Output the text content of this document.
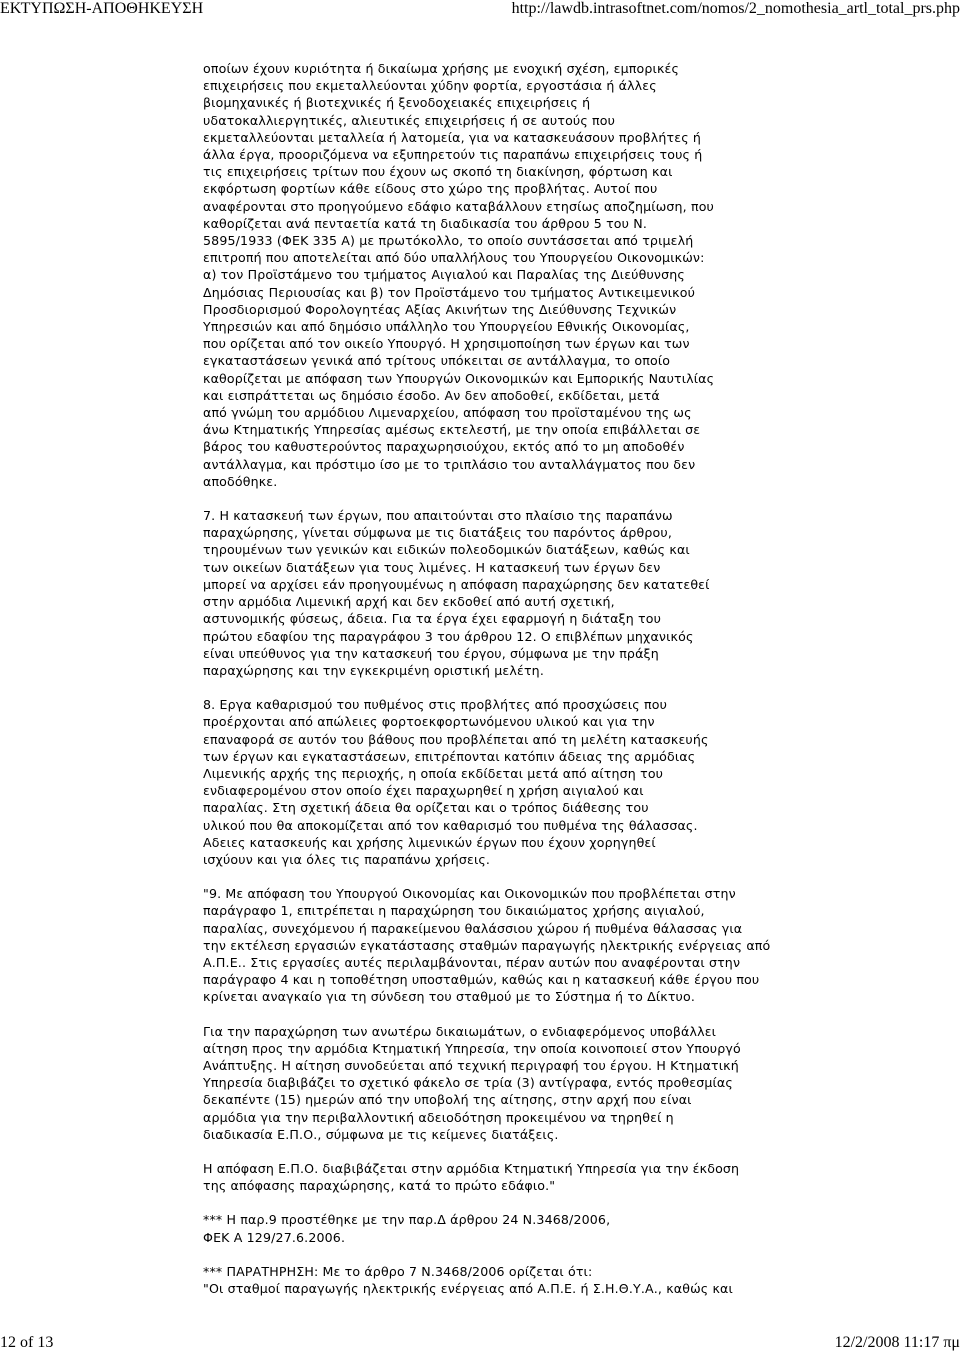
ΕΚΤΥΠΩΣΗ-ΑΠΟΘΗΚΕΥΣΗ	http://lawdb.intrasoftnet.com/nomos/2_nomothesia_artl_total_prs.php

οποίων έχουν κυριότητα ή δικαίωμα χρήσης με ενοχική σχέση, εμπορικές

επιχειρήσεις που εκμεταλλεύονται χύδην φορτία, εργοστάσια ή άλλες

βιομηχανικές ή βιοτεχνικές ή ξενοδοχειακές επιχειρήσεις ή

υδατοκαλλιεργητικές, αλιευτικές επιχειρήσεις ή σε αυτούς που

εκμεταλλεύονται μεταλλεία ή λατομεία, για να κατασκευάσουν προβλήτες ή

άλλα έργα, προοριζόμενα να εξυπηρετούν τις παραπάνω επιχειρήσεις τους ή

τις επιχειρήσεις τρίτων που έχουν ως σκοπό τη διακίνηση, φόρτωση και

εκφόρτωση φορτίων κάθε είδους στο χώρο της προβλήτας. Αυτοί που

αναφέρονται στο προηγούμενο εδάφιο καταβάλλουν ετησίως αποζημίωση, που

καθορίζεται ανά πενταετία κατά τη διαδικασία του άρθρου 5 του Ν.

5895/1933 (ΦΕΚ 335 Α) με πρωτόκολλο, το οποίο συντάσσεται από τριμελή

επιτροπή που αποτελείται από δύο υπαλλήλους του Υπουργείου Οικονομικών:

α) τον Προϊστάμενο του τμήματος Αιγιαλού και Παραλίας της Διεύθυνσης

Δημόσιας Περιουσίας και β) τον Προϊστάμενο του τμήματος Αντικειμενικού

Προσδιορισμού Φορολογητέας Αξίας Ακινήτων της Διεύθυνσης Τεχνικών

Υπηρεσιών και από δημόσιο υπάλληλο του Υπουργείου Εθνικής Οικονομίας,

που ορίζεται από τον οικείο Υπουργό. Η χρησιμοποίηση των έργων και των

εγκαταστάσεων γενικά από τρίτους υπόκειται σε αντάλλαγμα, το οποίο

καθορίζεται με απόφαση των Υπουργών Οικονομικών και Εμπορικής Ναυτιλίας

και εισπράττεται ως δημόσιο έσοδο. Αν δεν αποδοθεί, εκδίδεται, μετά

από γνώμη του αρμόδιου Λιμεναρχείου, απόφαση του προϊσταμένου της ως

άνω Κτηματικής Υπηρεσίας αμέσως εκτελεστή, με την οποία επιβάλλεται σε

βάρος του καθυστερούντος παραχωρησιούχου, εκτός από το μη αποδοθέν

αντάλλαγμα, και πρόστιμο ίσο με το τριπλάσιο του ανταλλάγματος που δεν

αποδόθηκε.

7. Η κατασκευή των έργων, που απαιτούνται στο πλαίσιο της παραπάνω

παραχώρησης, γίνεται σύμφωνα με τις διατάξεις του παρόντος άρθρου,

τηρουμένων των γενικών και ειδικών πολεοδομικών διατάξεων, καθώς και

των οικείων διατάξεων για τους λιμένες. Η κατασκευή των έργων δεν

μπορεί να αρχίσει εάν προηγουμένως η απόφαση παραχώρησης δεν κατατεθεί

στην αρμόδια Λιμενική αρχή και δεν εκδοθεί από αυτή σχετική,

αστυνομικής φύσεως, άδεια. Για τα έργα έχει εφαρμογή η διάταξη του

πρώτου εδαφίου της παραγράφου 3 του άρθρου 12. Ο επιβλέπων μηχανικός

είναι υπεύθυνος για την κατασκευή του έργου, σύμφωνα με την πράξη

παραχώρησης και την εγκεκριμένη οριστική μελέτη.

8. Εργα καθαρισμού του πυθμένος στις προβλήτες από προσχώσεις που

προέρχονται από απώλειες φορτοεκφορτωνόμενου υλικού και για την

επαναφορά σε αυτόν του βάθους που προβλέπεται από τη μελέτη κατασκευής

των έργων και εγκαταστάσεων, επιτρέπονται κατόπιν άδειας της αρμόδιας

Λιμενικής αρχής της περιοχής, η οποία εκδίδεται μετά από αίτηση του

ενδιαφερομένου στον οποίο έχει παραχωρηθεί η χρήση αιγιαλού και

παραλίας. Στη σχετική άδεια θα ορίζεται και ο τρόπος διάθεσης του

υλικού που θα αποκομίζεται από τον καθαρισμό του πυθμένα της θάλασσας.

Αδειες κατασκευής και χρήσης λιμενικών έργων που έχουν χορηγηθεί

ισχύουν και για όλες τις παραπάνω χρήσεις.

"9. Με απόφαση του Υπουργού Οικονομίας και Οικονομικών που προβλέπεται στην

παράγραφο 1, επιτρέπεται η παραχώρηση του δικαιώματος χρήσης αιγιαλού,

παραλίας, συνεχόμενου ή παρακείμενου θαλάσσιου χώρου ή πυθμένα θάλασσας για

την εκτέλεση εργασιών εγκατάστασης σταθμών παραγωγής ηλεκτρικής ενέργειας από

Α.Π.Ε.. Στις εργασίες αυτές περιλαμβάνονται, πέραν αυτών που αναφέρονται στην

παράγραφο 4 και η τοποθέτηση υποσταθμών, καθώς και η κατασκευή κάθε έργου που

κρίνεται αναγκαίο για τη σύνδεση του σταθμού με το Σύστημα ή το Δίκτυο.

Για την παραχώρηση των ανωτέρω δικαιωμάτων, ο ενδιαφερόμενος υποβάλλει

αίτηση προς την αρμόδια Κτηματική Υπηρεσία, την οποία κοινοποιεί στον Υπουργό

Ανάπτυξης. Η αίτηση συνοδεύεται από τεχνική περιγραφή του έργου. Η Κτηματική

Υπηρεσία διαβιβάζει το σχετικό φάκελο σε τρία (3) αντίγραφα, εντός προθεσμίας

δεκαπέντε (15) ημερών από την υποβολή της αίτησης, στην αρχή που είναι

αρμόδια για την περιβαλλοντική αδειοδότηση προκειμένου να τηρηθεί η

διαδικασία Ε.Π.Ο., σύμφωνα με τις κείμενες διατάξεις.

Η απόφαση Ε.Π.Ο. διαβιβάζεται στην αρμόδια Κτηματική Υπηρεσία για την έκδοση

της απόφασης παραχώρησης, κατά το πρώτο εδάφιο."

*** Η παρ.9 προστέθηκε με την παρ.Δ άρθρου 24 Ν.3468/2006,

ΦΕΚ Α 129/27.6.2006.

*** ΠΑΡΑΤΗΡΗΣΗ: Με το άρθρο 7 Ν.3468/2006 ορίζεται ότι:

"Οι σταθμοί παραγωγής ηλεκτρικής ενέργειας από Α.Π.Ε. ή Σ.Η.Θ.Υ.Α., καθώς και

12 of 13	12/2/2008 11:17 πμ
